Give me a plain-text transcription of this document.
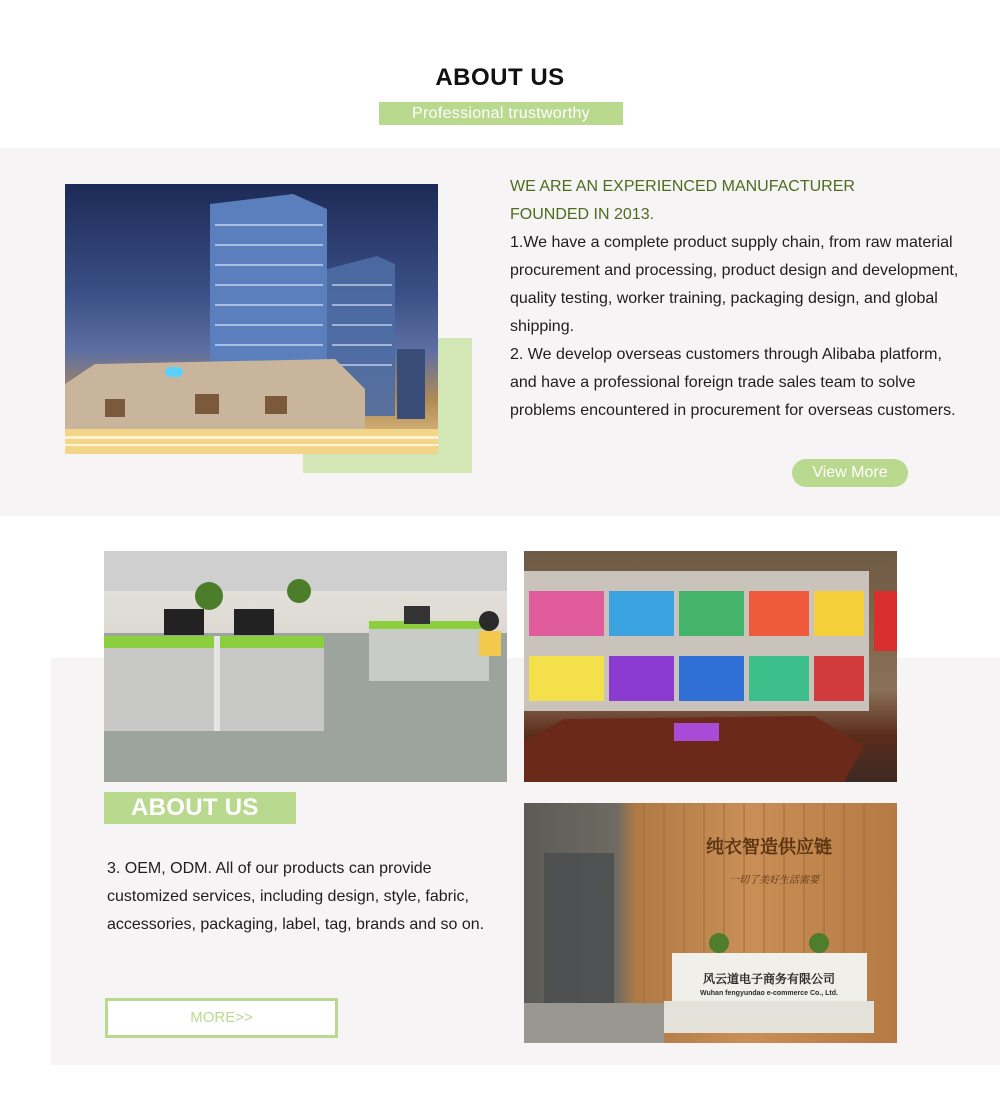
ABOUT US
Professional trustworthy
WE ARE AN EXPERIENCED MANUFACTURER
FOUNDED IN 2013.

1.We have a complete product supply chain, from raw material procurement and processing, product design and development, quality testing, worker training, packaging design, and global shipping.

2. We develop overseas customers through Alibaba platform, and have a professional foreign trade sales team to solve problems encountered in procurement for overseas customers.

View More
ABOUT US
3. OEM, ODM. All of our products can provide customized services, including design, style, fabric, accessories, packaging, label, tag, brands and so on.
MORE>>
纯衣智造供应链
一切了美好生活需要
风云道电子商务有限公司
Wuhan fengyundao e-commerce Co., Ltd.
